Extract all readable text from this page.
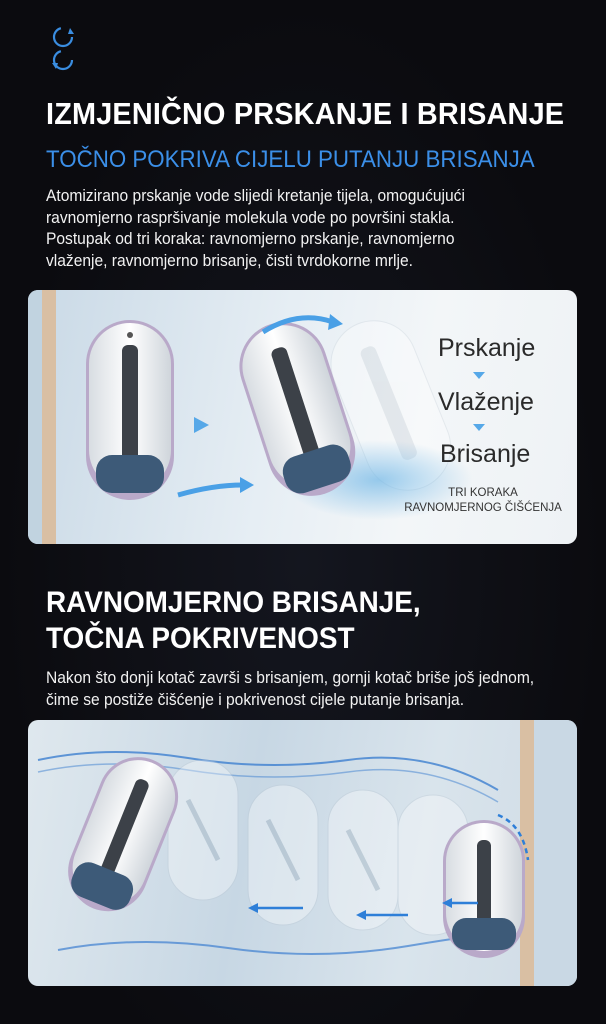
IZMJENIČNO PRSKANJE I BRISANJE
TOČNO POKRIVA CIJELU PUTANJU BRISANJA
Atomizirano prskanje vode slijedi kretanje tijela, omogućujući
ravnomjerno raspršivanje molekula vode po površini stakla.
Postupak od tri koraka: ravnomjerno prskanje, ravnomjerno
vlaženje, ravnomjerno brisanje, čisti tvrdokorne mrlje.
Prskanje
Vlaženje
Brisanje
TRI KORAKA
RAVNOMJERNOG ČIŠĆENJA
RAVNOMJERNO BRISANJE,
TOČNA POKRIVENOST
Nakon što donji kotač završi s brisanjem, gornji kotač briše još jednom,
čime se postiže čišćenje i pokrivenost cijele putanje brisanja.
